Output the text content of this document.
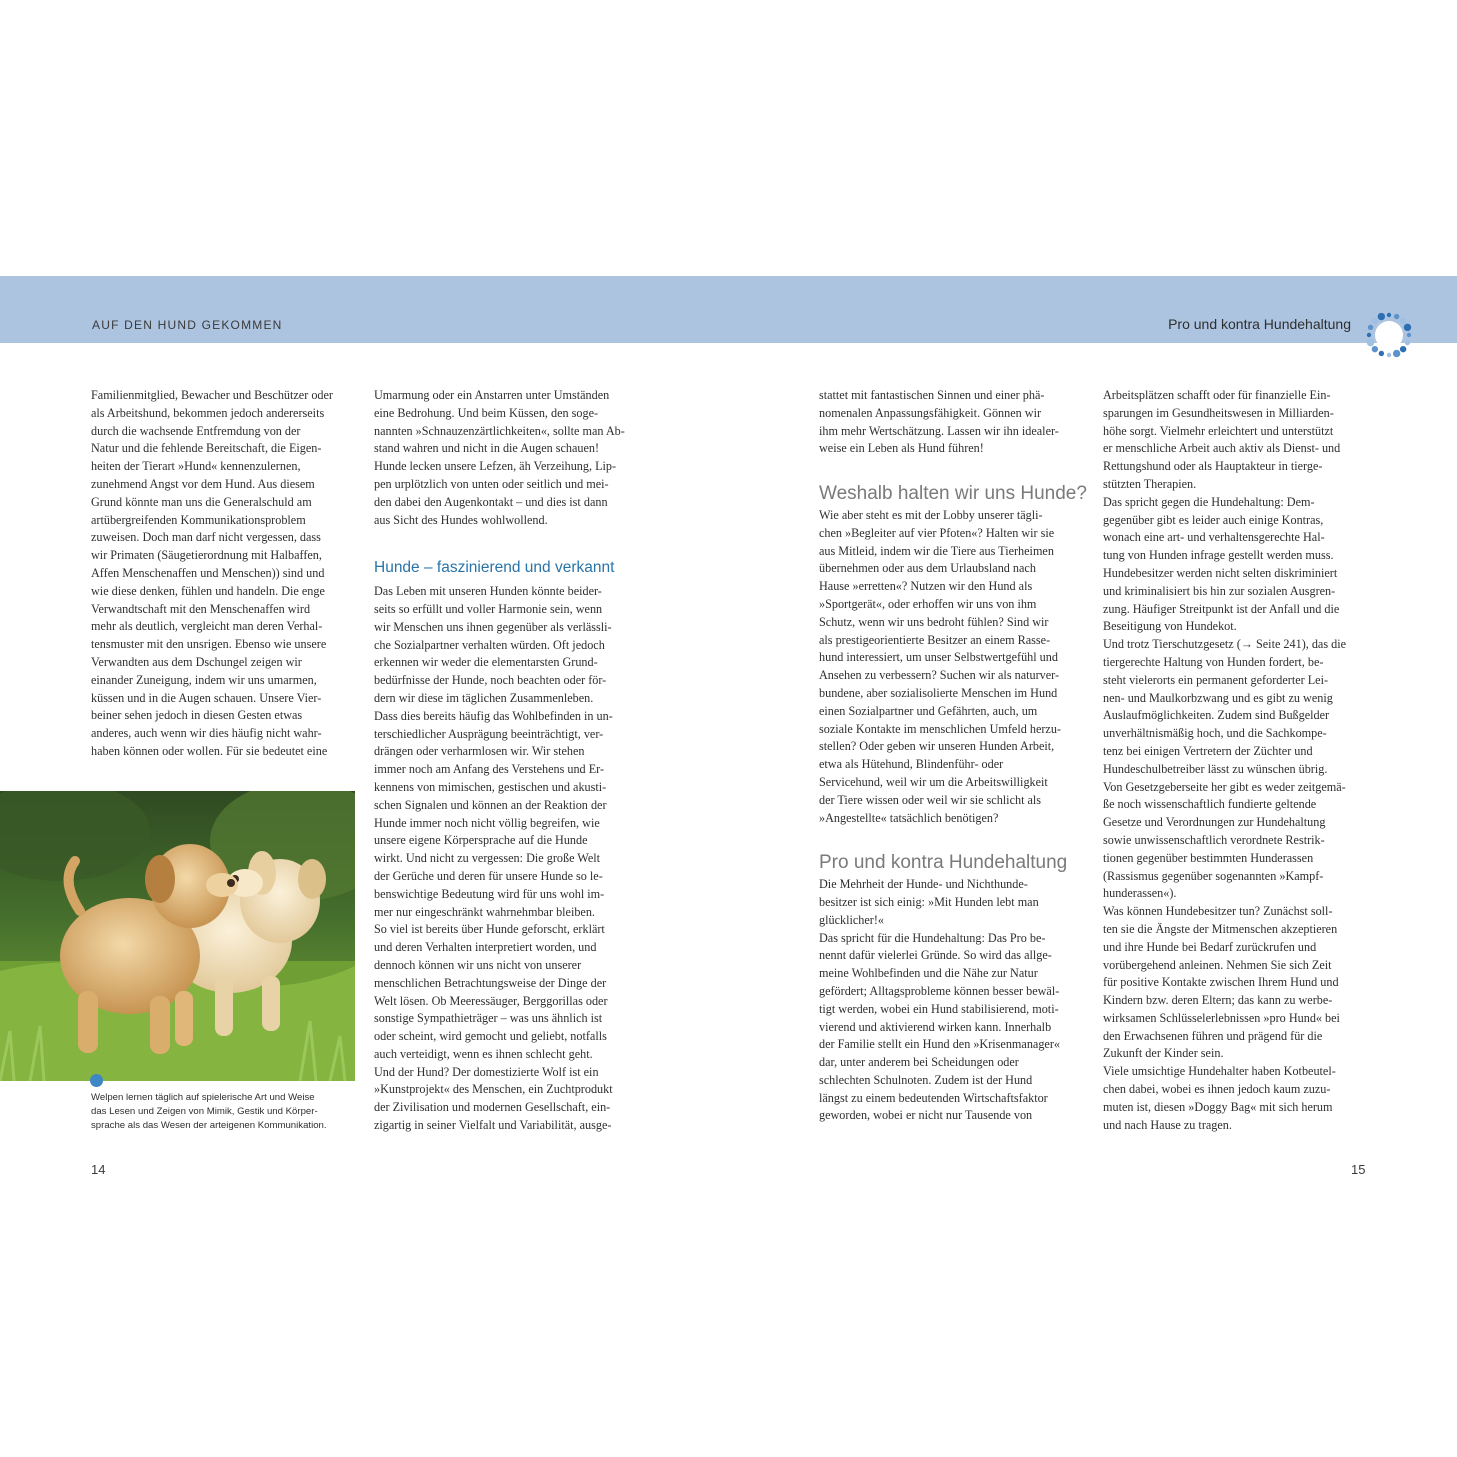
AUF DEN HUND GEKOMMEN	Pro und kontra Hundehaltung

Familienmitglied, Bewacher und Beschützer oder

als Arbeitshund, bekommen jedoch andererseits

durch die wachsende Entfremdung von der

Natur und die fehlende Bereitschaft, die Eigen-

heiten der Tierart »Hund« kennenzulernen,

zunehmend Angst vor dem Hund. Aus diesem

Grund könnte man uns die Generalschuld am

artübergreifenden Kommunikationsproblem

zuweisen. Doch man darf nicht vergessen, dass

wir Primaten (Säugetierordnung mit Halbaffen,

Affen Menschenaffen und Menschen)) sind und

wie diese denken, fühlen und handeln. Die enge

Verwandtschaft mit den Menschenaffen wird

mehr als deutlich, vergleicht man deren Verhal-

tensmuster mit den unsrigen. Ebenso wie unsere

Verwandten aus dem Dschungel zeigen wir

einander Zuneigung, indem wir uns umarmen,

küssen und in die Augen schauen. Unsere Vier-

beiner sehen jedoch in diesen Gesten etwas

anderes, auch wenn wir dies häufig nicht wahr-

haben können oder wollen. Für sie bedeutet eine

Umarmung oder ein Anstarren unter Umständen

eine Bedrohung. Und beim Küssen, den soge-

nannten »Schnauzenzärtlichkeiten«, sollte man Ab-

stand wahren und nicht in die Augen schauen!

Hunde lecken unsere Lefzen, äh Verzeihung, Lip-

pen urplötzlich von unten oder seitlich und mei-

den dabei den Augenkontakt – und dies ist dann

aus Sicht des Hundes wohlwollend.

Hunde – faszinierend und verkannt

Das Leben mit unseren Hunden könnte beider-

seits so erfüllt und voller Harmonie sein, wenn

wir Menschen uns ihnen gegenüber als verlässli-

che Sozialpartner verhalten würden. Oft jedoch

erkennen wir weder die elementarsten Grund-

bedürfnisse der Hunde, noch beachten oder för-

dern wir diese im täglichen Zusammenleben.

Dass dies bereits häufig das Wohlbefinden in un-

terschiedlicher Ausprägung beeinträchtigt, ver-

drängen oder verharmlosen wir. Wir stehen

immer noch am Anfang des Verstehens und Er-

kennens von mimischen, gestischen und akusti-

schen Signalen und können an der Reaktion der

Hunde immer noch nicht völlig begreifen, wie

unsere eigene Körpersprache auf die Hunde

wirkt. Und nicht zu vergessen: Die große Welt

der Gerüche und deren für unsere Hunde so le-

benswichtige Bedeutung wird für uns wohl im-

mer nur eingeschränkt wahrnehmbar bleiben.

So viel ist bereits über Hunde geforscht, erklärt

und deren Verhalten interpretiert worden, und

dennoch können wir uns nicht von unserer

menschlichen Betrachtungsweise der Dinge der

Welt lösen. Ob Meeressäuger, Berggorillas oder

sonstige Sympathieträger – was uns ähnlich ist

oder scheint, wird gemocht und geliebt, notfalls

auch verteidigt, wenn es ihnen schlecht geht.

Und der Hund? Der domestizierte Wolf ist ein

»Kunstprojekt« des Menschen, ein Zuchtprodukt

der Zivilisation und modernen Gesellschaft, ein-

zigartig in seiner Vielfalt und Variabilität, ausge-

stattet mit fantastischen Sinnen und einer phä-

nomenalen Anpassungsfähigkeit. Gönnen wir

ihm mehr Wertschätzung. Lassen wir ihn idealer-

weise ein Leben als Hund führen!

Weshalb halten wir uns Hunde?

Wie aber steht es mit der Lobby unserer tägli-

chen »Begleiter auf vier Pfoten«? Halten wir sie

aus Mitleid, indem wir die Tiere aus Tierheimen

übernehmen oder aus dem Urlaubsland nach

Hause »erretten«? Nutzen wir den Hund als

»Sportgerät«, oder erhoffen wir uns von ihm

Schutz, wenn wir uns bedroht fühlen? Sind wir

als prestigeorientierte Besitzer an einem Rasse-

hund interessiert, um unser Selbstwertgefühl und

Ansehen zu verbessern? Suchen wir als naturver-

bundene, aber sozialisolierte Menschen im Hund

einen Sozialpartner und Gefährten, auch, um

soziale Kontakte im menschlichen Umfeld herzu-

stellen? Oder geben wir unseren Hunden Arbeit,

etwa als Hütehund, Blindenführ- oder

Servicehund, weil wir um die Arbeitswilligkeit

der Tiere wissen oder weil wir sie schlicht als

»Angestellte« tatsächlich benötigen?

Pro und kontra Hundehaltung

Die Mehrheit der Hunde- und Nichthunde-

besitzer ist sich einig: »Mit Hunden lebt man

glücklicher!«

Das spricht für die Hundehaltung: Das Pro be-

nennt dafür vielerlei Gründe. So wird das allge-

meine Wohlbefinden und die Nähe zur Natur

gefördert; Alltagsprobleme können besser bewäl-

tigt werden, wobei ein Hund stabilisierend, moti-

vierend und aktivierend wirken kann. Innerhalb

der Familie stellt ein Hund den »Krisenmanager«

dar, unter anderem bei Scheidungen oder

schlechten Schulnoten. Zudem ist der Hund

längst zu einem bedeutenden Wirtschaftsfaktor

geworden, wobei er nicht nur Tausende von

Arbeitsplätzen schafft oder für finanzielle Ein-

sparungen im Gesundheitswesen in Milliarden-

höhe sorgt. Vielmehr erleichtert und unterstützt

er menschliche Arbeit auch aktiv als Dienst- und

Rettungshund oder als Hauptakteur in tierge-

stützten Therapien.

Das spricht gegen die Hundehaltung: Dem-

gegenüber gibt es leider auch einige Kontras,

wonach eine art- und verhaltensgerechte Hal-

tung von Hunden infrage gestellt werden muss.

Hundebesitzer werden nicht selten diskriminiert

und kriminalisiert bis hin zur sozialen Ausgren-

zung. Häufiger Streitpunkt ist der Anfall und die

Beseitigung von Hundekot.

Und trotz Tierschutzgesetz (→ Seite 241), das die

tiergerechte Haltung von Hunden fordert, be-

steht vielerorts ein permanent geforderter Lei-

nen- und Maulkorbzwang und es gibt zu wenig

Auslaufmöglichkeiten. Zudem sind Bußgelder

unverhältnismäßig hoch, und die Sachkompe-

tenz bei einigen Vertretern der Züchter und

Hundeschulbetreiber lässt zu wünschen übrig.

Von Gesetzgeberseite her gibt es weder zeitgemä-

ße noch wissenschaftlich fundierte geltende

Gesetze und Verordnungen zur Hundehaltung

sowie unwissenschaftlich verordnete Restrik-

tionen gegenüber bestimmten Hunderassen

(Rassismus gegenüber sogenannten »Kampf-

hunderassen«).

Was können Hundebesitzer tun? Zunächst soll-

ten sie die Ängste der Mitmenschen akzeptieren

und ihre Hunde bei Bedarf zurückrufen und

vorübergehend anleinen. Nehmen Sie sich Zeit

für positive Kontakte zwischen Ihrem Hund und

Kindern bzw. deren Eltern; das kann zu werbe-

wirksamen Schlüsselerlebnissen »pro Hund« bei

den Erwachsenen führen und prägend für die

Zukunft der Kinder sein.

Viele umsichtige Hundehalter haben Kotbeutel-

chen dabei, wobei es ihnen jedoch kaum zuzu-

muten ist, diesen »Doggy Bag« mit sich herum

und nach Hause zu tragen.

Welpen lernen täglich auf spielerische Art und Weise

das Lesen und Zeigen von Mimik, Gestik und Körper-

sprache als das Wesen der arteigenen Kommunikation.

14	15
